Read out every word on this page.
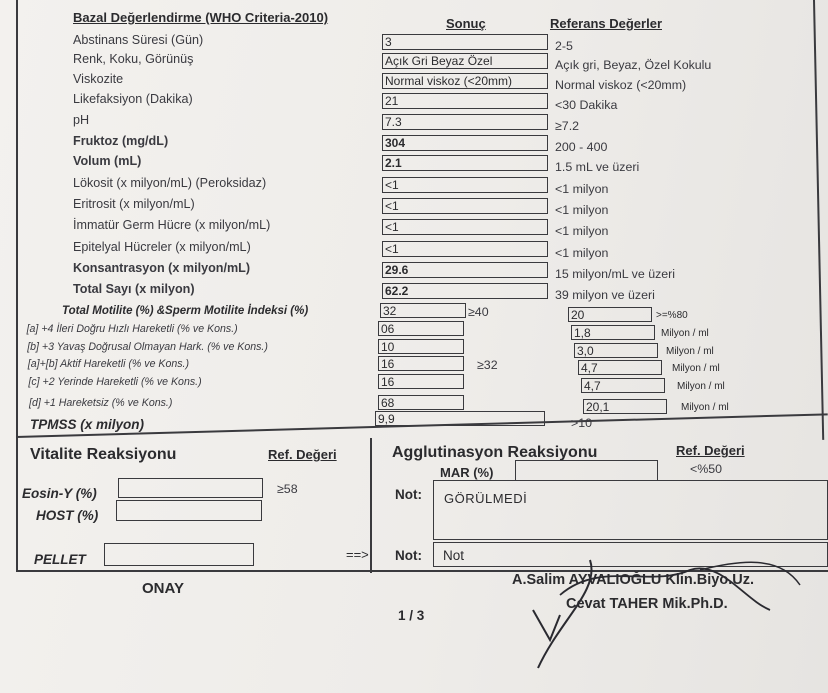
Bazal Değerlendirme (WHO Criteria-2010)	Sonuç	Referans Değerler
Abstinans Süresi (Gün)	3	2-5
Renk, Koku, Görünüş	Açık Gri Beyaz Özel	Açık gri, Beyaz, Özel Kokulu
Viskozite	Normal viskoz (<20mm)	Normal viskoz (<20mm)
Likefaksiyon (Dakika)	21	<30 Dakika
pH	7.3	≥7.2
Fruktoz (mg/dL)	304	200 - 400
Volum (mL)	2.1	1.5 mL ve üzeri
Lökosit (x milyon/mL) (Peroksidaz)	<1	<1 milyon
Eritrosit (x milyon/mL)	<1	<1 milyon
İmmatür Germ Hücre (x milyon/mL)	<1	<1 milyon
Epitelyal Hücreler (x milyon/mL)	<1	<1 milyon
Konsantrasyon (x milyon/mL)	29.6	15 milyon/mL ve üzeri
Total Sayı (x milyon)	62.2	39 milyon ve üzeri
Total Motilite (%) &Sperm Motilite İndeksi (%)	32	≥40	20	>=%80
[a] +4 İleri Doğru Hızlı Hareketli (% ve Kons.)	06	1,8	Milyon / ml
[b] +3 Yavaş Doğrusal Olmayan Hark. (% ve Kons.)	10	3,0	Milyon / ml
[a]+[b] Aktif Hareketli (% ve Kons.)	16	≥32	4,7	Milyon / ml
[c] +2 Yerinde Hareketli (% ve Kons.)	16	4,7	Milyon / ml
[d] +1 Hareketsiz (% ve Kons.)	68	20,1	Milyon / ml
TPMSS (x milyon)	9,9	>10
Vitalite Reaksiyonu	Ref. Değeri
Eosin-Y (%)	≥58
HOST (%)
PELLET	==>
Agglutinasyon Reaksiyonu	Ref. Değeri
MAR (%)	<%50
Not: GÖRÜLMEDİ
Not: Not
ONAY	A.Salim AYVALIOĞLU Klin.Biyo.Uz.
Cevat TAHER Mik.Ph.D.
1 / 3
